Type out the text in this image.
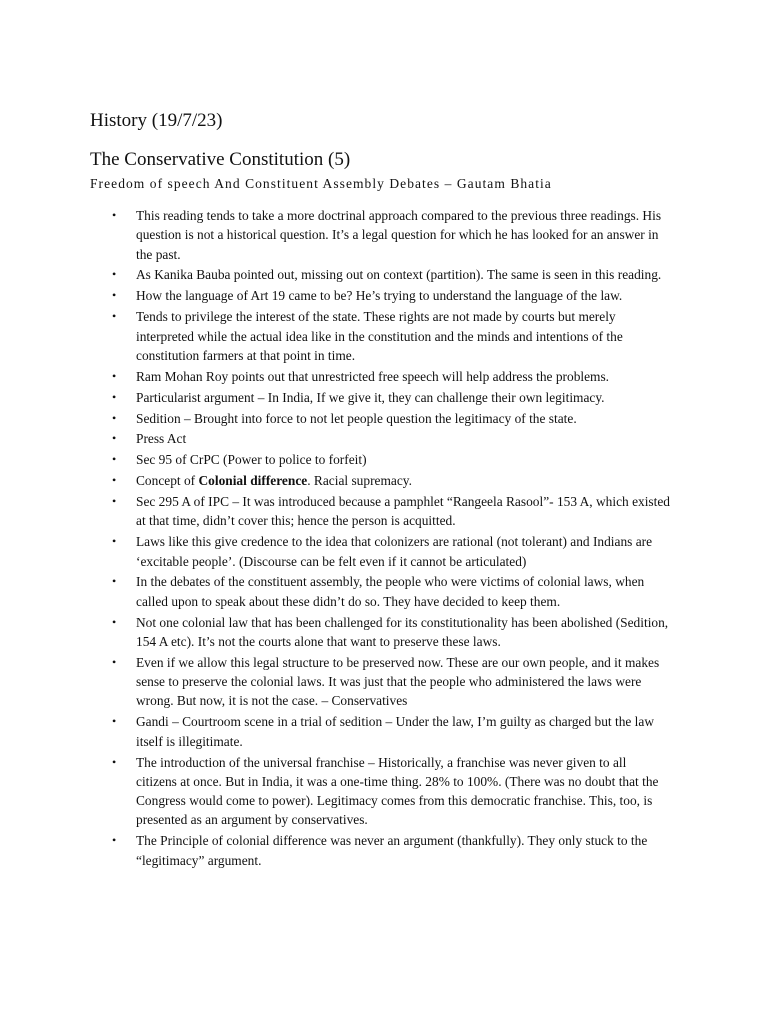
History (19/7/23)
The Conservative Constitution (5)

Freedom of speech And Constituent Assembly Debates – Gautam Bhatia

• This reading tends to take a more doctrinal approach compared to the previous three readings. His question is not a historical question. It’s a legal question for which he has looked for an answer in the past.
• As Kanika Bauba pointed out, missing out on context (partition). The same is seen in this reading.
• How the language of Art 19 came to be? He’s trying to understand the language of the law.
• Tends to privilege the interest of the state. These rights are not made by courts but merely interpreted while the actual idea like in the constitution and the minds and intentions of the constitution farmers at that point in time.
• Ram Mohan Roy points out that unrestricted free speech will help address the problems.
• Particularist argument – In India, If we give it, they can challenge their own legitimacy.
• Sedition – Brought into force to not let people question the legitimacy of the state.
• Press Act
• Sec 95 of CrPC (Power to police to forfeit)
• Concept of Colonial difference. Racial supremacy.
• Sec 295 A of IPC – It was introduced because a pamphlet “Rangeela Rasool”- 153 A, which existed at that time, didn’t cover this; hence the person is acquitted.
• Laws like this give credence to the idea that colonizers are rational (not tolerant) and Indians are ‘excitable people’. (Discourse can be felt even if it cannot be articulated)
• In the debates of the constituent assembly, the people who were victims of colonial laws, when called upon to speak about these didn’t do so. They have decided to keep them.
• Not one colonial law that has been challenged for its constitutionality has been abolished (Sedition, 154 A etc). It’s not the courts alone that want to preserve these laws.
• Even if we allow this legal structure to be preserved now. These are our own people, and it makes sense to preserve the colonial laws. It was just that the people who administered the laws were wrong. But now, it is not the case. – Conservatives
• Gandi – Courtroom scene in a trial of sedition – Under the law, I’m guilty as charged but the law itself is illegitimate.
• The introduction of the universal franchise – Historically, a franchise was never given to all citizens at once. But in India, it was a one-time thing. 28% to 100%. (There was no doubt that the Congress would come to power). Legitimacy comes from this democratic franchise. This, too, is presented as an argument by conservatives.
• The Principle of colonial difference was never an argument (thankfully). They only stuck to the “legitimacy” argument.
